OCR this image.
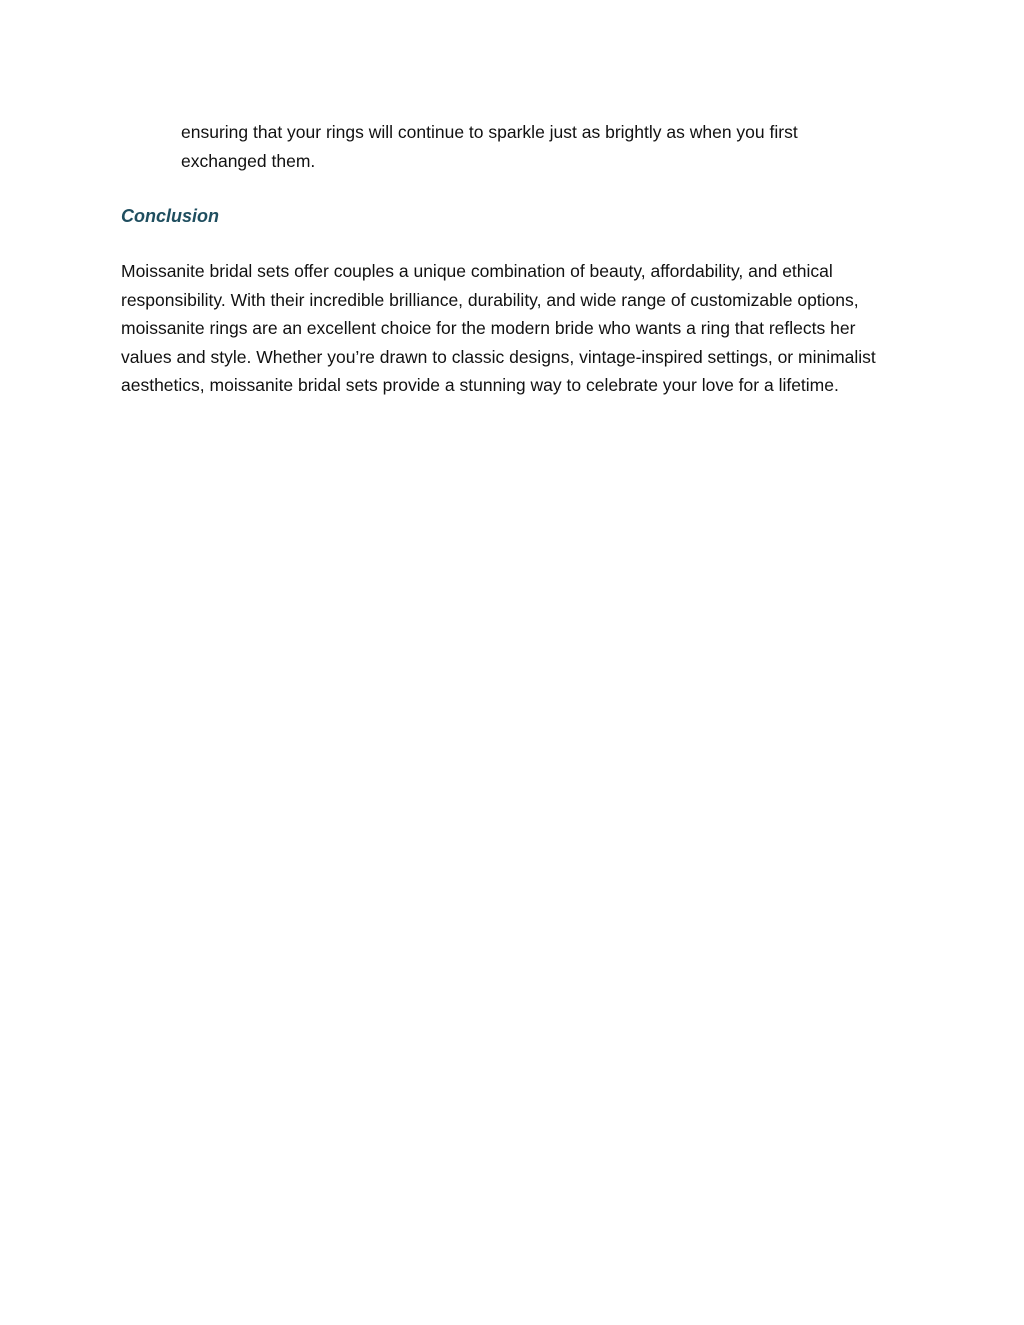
ensuring that your rings will continue to sparkle just as brightly as when you first exchanged them.

Conclusion

Moissanite bridal sets offer couples a unique combination of beauty, affordability, and ethical responsibility. With their incredible brilliance, durability, and wide range of customizable options, moissanite rings are an excellent choice for the modern bride who wants a ring that reflects her values and style. Whether you’re drawn to classic designs, vintage-inspired settings, or minimalist aesthetics, moissanite bridal sets provide a stunning way to celebrate your love for a lifetime.
